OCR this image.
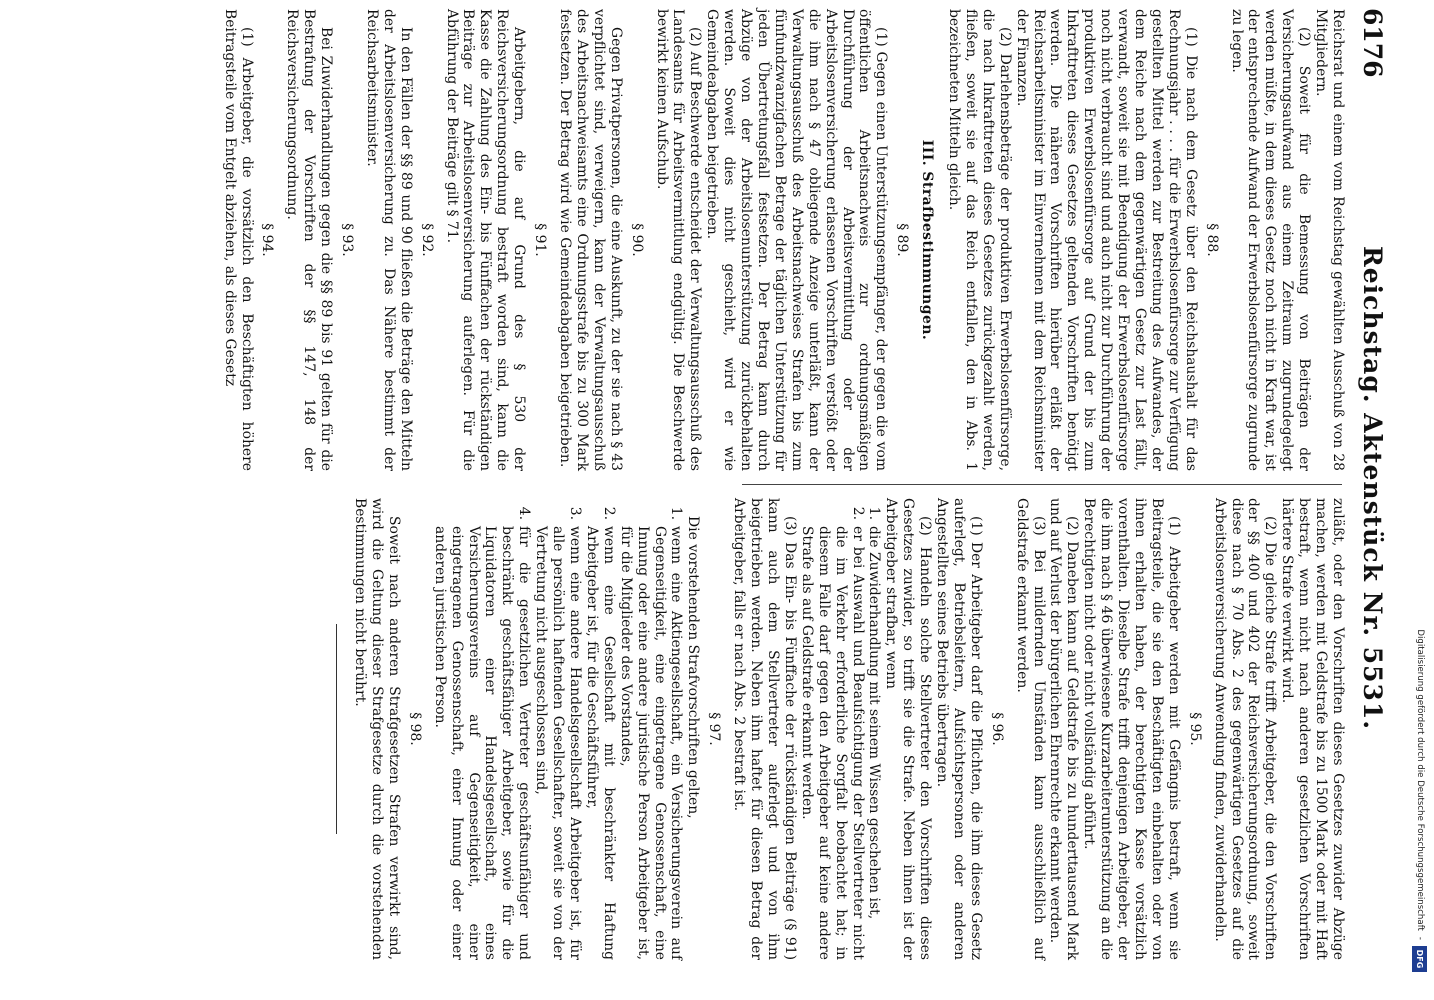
Digitalisierung gefördert durch die Deutsche Forschungsgemeinschaft
-
DFG
6176
Reichstag. Aktenstück Nr. 5531.

Reichsrat und einem vom Reichstag gewählten Ausschuß von 28 Mitgliedern.

(2) Soweit für die Bemessung von Beiträgen der Versicherungsaufwand aus einem Zeitraum zugrundegelegt werden müßte, in dem dieses Gesetz noch nicht in Kraft war, ist der entsprechende Aufwand der Erwerbslosenfürsorge zugrunde zu legen.

§ 88.

(1) Die nach dem Gesetz über den Reichshaushalt für das Rechnungsjahr . . . . für die Erwerbslosenfürsorge zur Verfügung gestellten Mittel werden zur Bestreitung des Aufwandes, der dem Reiche nach dem gegenwärtigen Gesetz zur Last fällt, verwandt, soweit sie mit Beendigung der Erwerbslosenfürsorge noch nicht verbraucht sind und auch nicht zur Durchführung der produktiven Erwerbslosenfürsorge auf Grund der bis zum Inkrafttreten dieses Gesetzes geltenden Vorschriften benötigt werden. Die näheren Vorschriften hierüber erläßt der Reichsarbeitsminister im Einvernehmen mit dem Reichsminister der Finanzen.

(2) Darlehensbeträge der produktiven Erwerbslosenfürsorge, die nach Inkrafttreten dieses Gesetzes zurückgezahlt werden, fließen, soweit sie auf das Reich entfallen, den in Abs. 1 bezeichneten Mitteln gleich.

III. Strafbestimmungen.

§ 89.

(1) Gegen einen Unterstützungsempfänger, der gegen die vom öffentlichen Arbeitsnachweis zur ordnungsmäßigen Durchführung der Arbeitsvermittlung oder der Arbeitslosenversicherung erlassenen Vorschriften verstößt oder die ihm nach § 47 obliegende Anzeige unterläßt, kann der Verwaltungsausschuß des Arbeitsnachweises Strafen bis zum fünfundzwanzigfachen Betrage der täglichen Unterstützung für jeden Übertretungsfall festsetzen. Der Betrag kann durch Abzüge von der Arbeitslosenunterstützung zurückbehalten werden. Soweit dies nicht geschieht, wird er wie Gemeindeabgaben beigetrieben.

(2) Auf Beschwerde entscheidet der Verwaltungsausschuß des Landesamts für Arbeitsvermittlung endgültig. Die Beschwerde bewirkt keinen Aufschub.

§ 90.

Gegen Privatpersonen, die eine Auskunft, zu der sie nach § 43 verpflichtet sind, verweigern, kann der Verwaltungsausschuß des Arbeitsnachweisamts eine Ordnungsstrafe bis zu 300 Mark festsetzen. Der Betrag wird wie Gemeindeabgaben beigetrieben.

§ 91.

Arbeitgebern, die auf Grund des § 530 der Reichsversicherungsordnung bestraft worden sind, kann die Kasse die Zahlung des Ein- bis Fünffachen der rückständigen Beiträge zur Arbeitslosenversicherung auferlegen. Für die Abführung der Beiträge gilt § 71.

§ 92.

In den Fällen der §§ 89 und 90 fließen die Beträge den Mitteln der Arbeitslosenversicherung zu. Das Nähere bestimmt der Reichsarbeitsminister.

§ 93.

Bei Zuwiderhandlungen gegen die §§ 89 bis 91 gelten für die Bestrafung der Vorschriften der §§ 147, 148 der Reichsversicherungsordnung.

§ 94.

(1) Arbeitgeber, die vorsätzlich den Beschäftigten höhere Beitragsteile vom Entgelt abziehen, als dieses Gesetz

zuläßt, oder den Vorschriften dieses Gesetzes zuwider Abzüge machen, werden mit Geldstrafe bis zu 1500 Mark oder mit Haft bestraft, wenn nicht nach anderen gesetzlichen Vorschriften härtere Strafe verwirkt wird.

(2) Die gleiche Strafe trifft Arbeitgeber, die den Vorschriften der §§ 400 und 402 der Reichsversicherungsordnung, soweit diese nach § 70 Abs. 2 des gegenwärtigen Gesetzes auf die Arbeitslosenversicherung Anwendung finden, zuwiderhandeln.

§ 95.

(1) Arbeitgeber werden mit Gefängnis bestraft, wenn sie Beitragsteile, die sie den Beschäftigten einbehalten oder von ihnen erhalten haben, der berechtigten Kasse vorsätzlich vorenthalten. Dieselbe Strafe trifft denjenigen Arbeitgeber, der die ihm nach § 46 überwiesene Kurzarbeiterunterstützung an die Berechtigten nicht oder nicht vollständig abführt.

(2) Daneben kann auf Geldstrafe bis zu hunderttausend Mark und auf Verlust der bürgerlichen Ehrenrechte erkannt werden.

(3) Bei mildernden Umständen kann ausschließlich auf Geldstrafe erkannt werden.

§ 96.

(1) Der Arbeitgeber darf die Pflichten, die ihm dieses Gesetz auferlegt, Betriebsleitern, Aufsichtspersonen oder anderen Angestellten seines Betriebs übertragen.

(2) Handeln solche Stellvertreter den Vorschriften dieses Gesetzes zuwider, so trifft sie die Strafe. Neben ihnen ist der Arbeitgeber strafbar, wenn

1.
die Zuwiderhandlung mit seinem Wissen geschehen ist,
2.
er bei Auswahl und Beaufsichtigung der Stellvertreter nicht die im Verkehr erforderliche Sorgfalt beobachtet hat; in diesem Falle darf gegen den Arbeitgeber auf keine andere Strafe als auf Geldstrafe erkannt werden.

(3) Das Ein- bis Fünffache der rückständigen Beiträge (§ 91) kann auch dem Stellvertreter auferlegt und von ihm beigetrieben werden. Neben ihm haftet für diesen Betrag der Arbeitgeber, falls er nach Abs. 2 bestraft ist.

§ 97.

Die vorstehenden Strafvorschriften gelten,

1.
wenn eine Aktiengesellschaft, ein Versicherungsverein auf Gegenseitigkeit, eine eingetragene Genossenschaft, eine Innung oder eine andere juristische Person Arbeitgeber ist, für die Mitglieder des Vorstandes,
2.
wenn eine Gesellschaft mit beschränkter Haftung Arbeitgeber ist, für die Geschäftsführer,
3.
wenn eine andere Handelsgesellschaft Arbeitgeber ist, für alle persönlich haftenden Gesellschafter, soweit sie von der Vertretung nicht ausgeschlossen sind,
4.
für die gesetzlichen Vertreter geschäftsunfähiger und beschränkt geschäftsfähiger Arbeitgeber, sowie für die Liquidatoren einer Handelsgesellschaft, eines Versicherungsvereins auf Gegenseitigkeit, einer eingetragenen Genossenschaft, einer Innung oder einer anderen juristischen Person.

§ 98.

Soweit nach anderen Strafgesetzen Strafen verwirkt sind, wird die Geltung dieser Strafgesetze durch die vorstehenden Bestimmungen nicht berührt.
